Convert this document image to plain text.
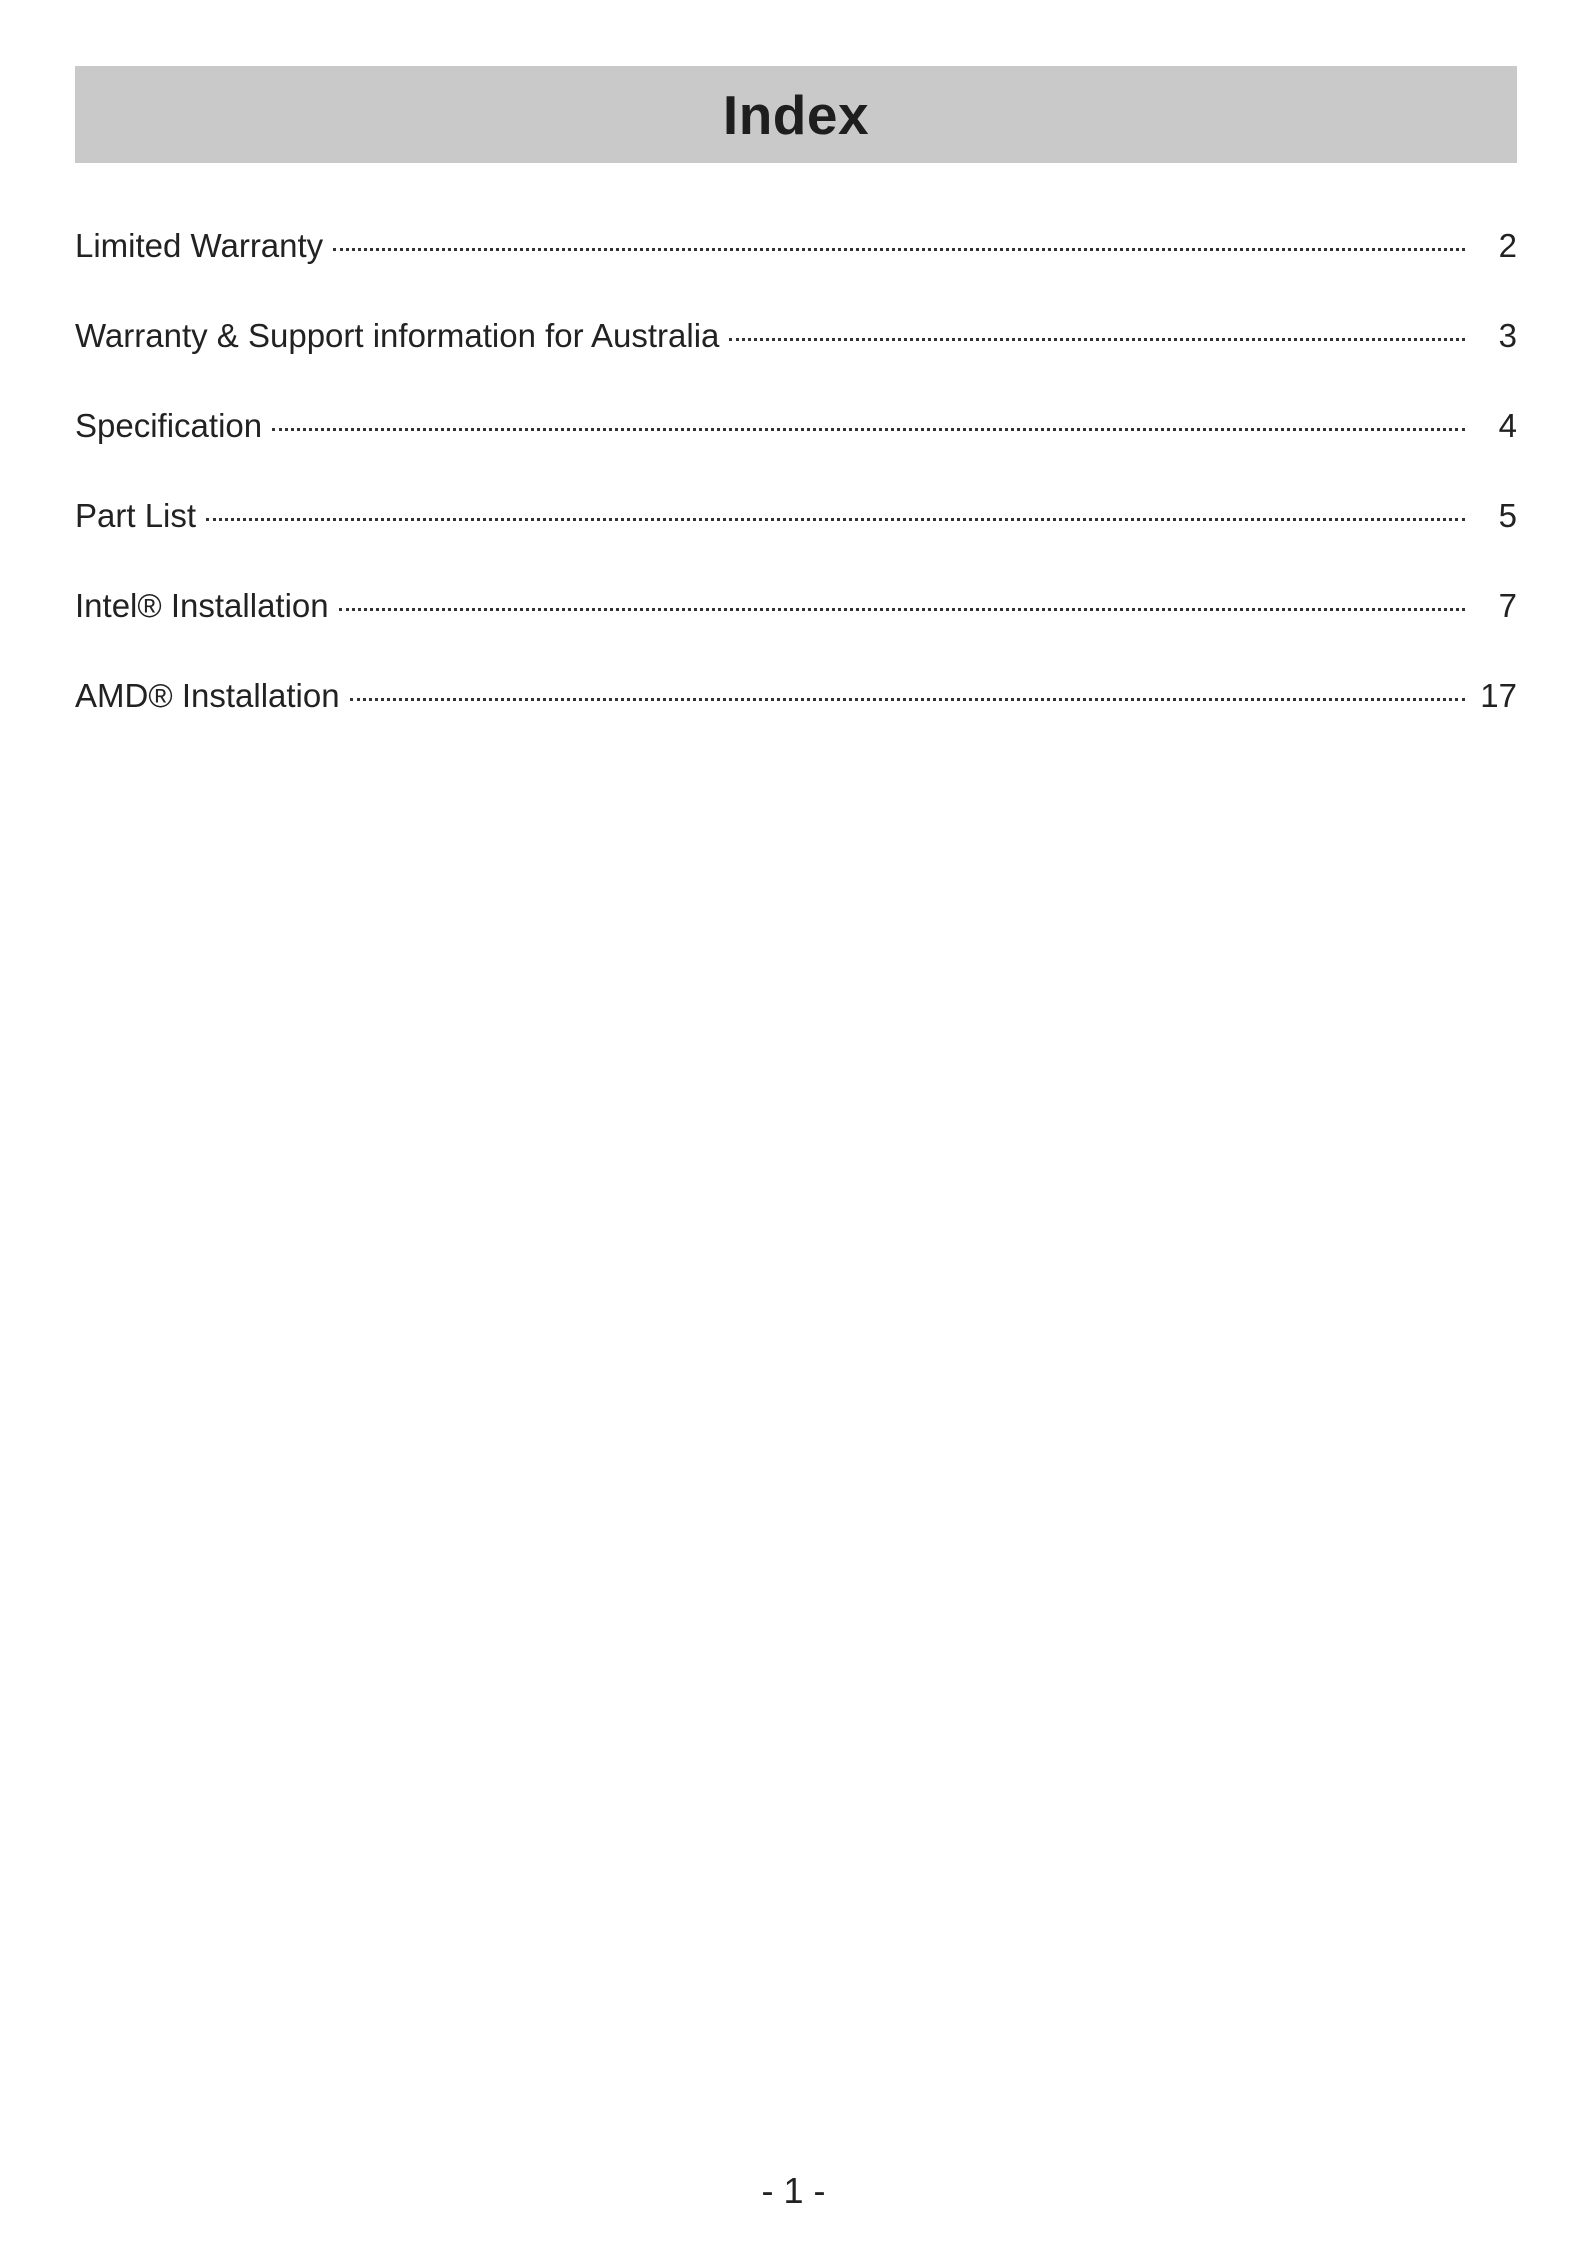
Index
Limited Warranty	2
Warranty & Support information for Australia	3
Specification	4
Part List	5
Intel® Installation	7
AMD® Installation	17
- 1 -
